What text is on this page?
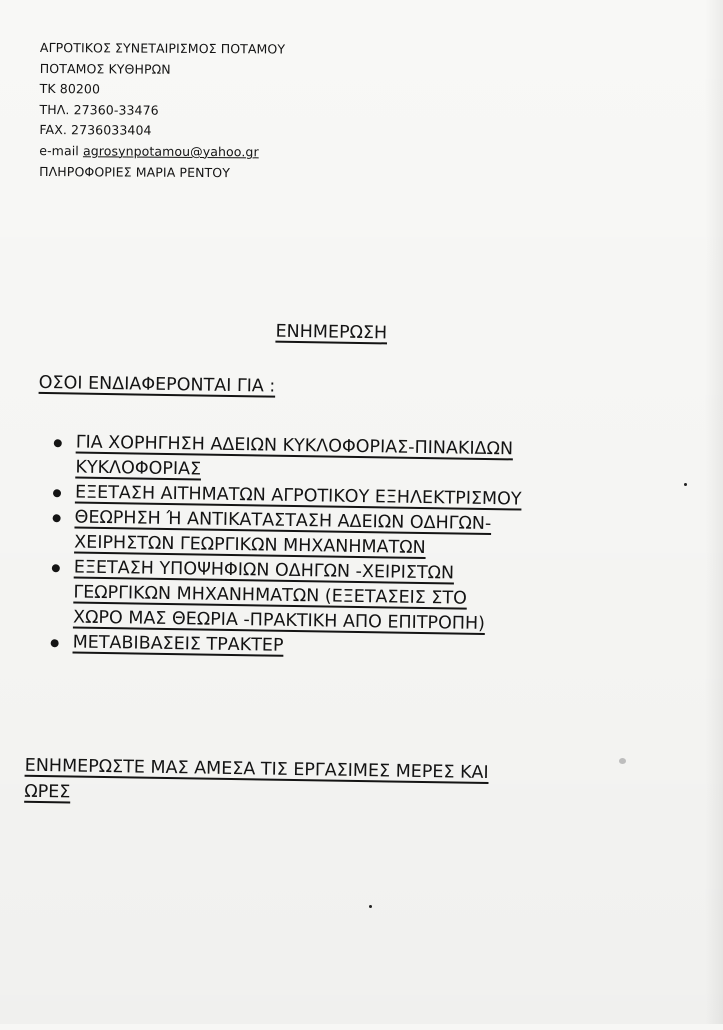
ΑΓΡΟΤΙΚΟΣ ΣΥΝΕΤΑΙΡΙΣΜΟΣ ΠΟΤΑΜΟΥ
ΠΟΤΑΜΟΣ ΚΥΘΗΡΩΝ
ΤΚ 80200
ΤΗΛ. 27360-33476
FAX. 2736033404
e-mail agrosynpotamou@yahoo.gr
ΠΛΗΡΟΦΟΡΙΕΣ ΜΑΡΙΑ ΡΕΝΤΟΥ
ΕΝΗΜΕΡΩΣΗ
ΟΣΟΙ ΕΝΔΙΑΦΕΡΟΝΤΑΙ ΓΙΑ :
ΓΙΑ ΧΟΡΗΓΗΣΗ ΑΔΕΙΩΝ ΚΥΚΛΟΦΟΡΙΑΣ-ΠΙΝΑΚΙΔΩΝ
ΚΥΚΛΟΦΟΡΙΑΣ
ΕΞΕΤΑΣΗ ΑΙΤΗΜΑΤΩΝ ΑΓΡΟΤΙΚΟΥ ΕΞΗΛΕΚΤΡΙΣΜΟΥ
ΘΕΩΡΗΣΗ Ή ΑΝΤΙΚΑΤΑΣΤΑΣΗ ΑΔΕΙΩΝ ΟΔΗΓΩΝ-
ΧΕΙΡΗΣΤΩΝ ΓΕΩΡΓΙΚΩΝ ΜΗΧΑΝΗΜΑΤΩΝ
ΕΞΕΤΑΣΗ ΥΠΟΨΗΦΙΩΝ ΟΔΗΓΩΝ -ΧΕΙΡΙΣΤΩΝ
ΓΕΩΡΓΙΚΩΝ ΜΗΧΑΝΗΜΑΤΩΝ (ΕΞΕΤΑΣΕΙΣ ΣΤΟ
ΧΩΡΟ ΜΑΣ ΘΕΩΡΙΑ -ΠΡΑΚΤΙΚΗ ΑΠΟ ΕΠΙΤΡΟΠΗ)
ΜΕΤΑΒΙΒΑΣΕΙΣ ΤΡΑΚΤΕΡ
ΕΝΗΜΕΡΩΣΤΕ ΜΑΣ ΑΜΕΣΑ ΤΙΣ ΕΡΓΑΣΙΜΕΣ ΜΕΡΕΣ ΚΑΙ
ΩΡΕΣ
